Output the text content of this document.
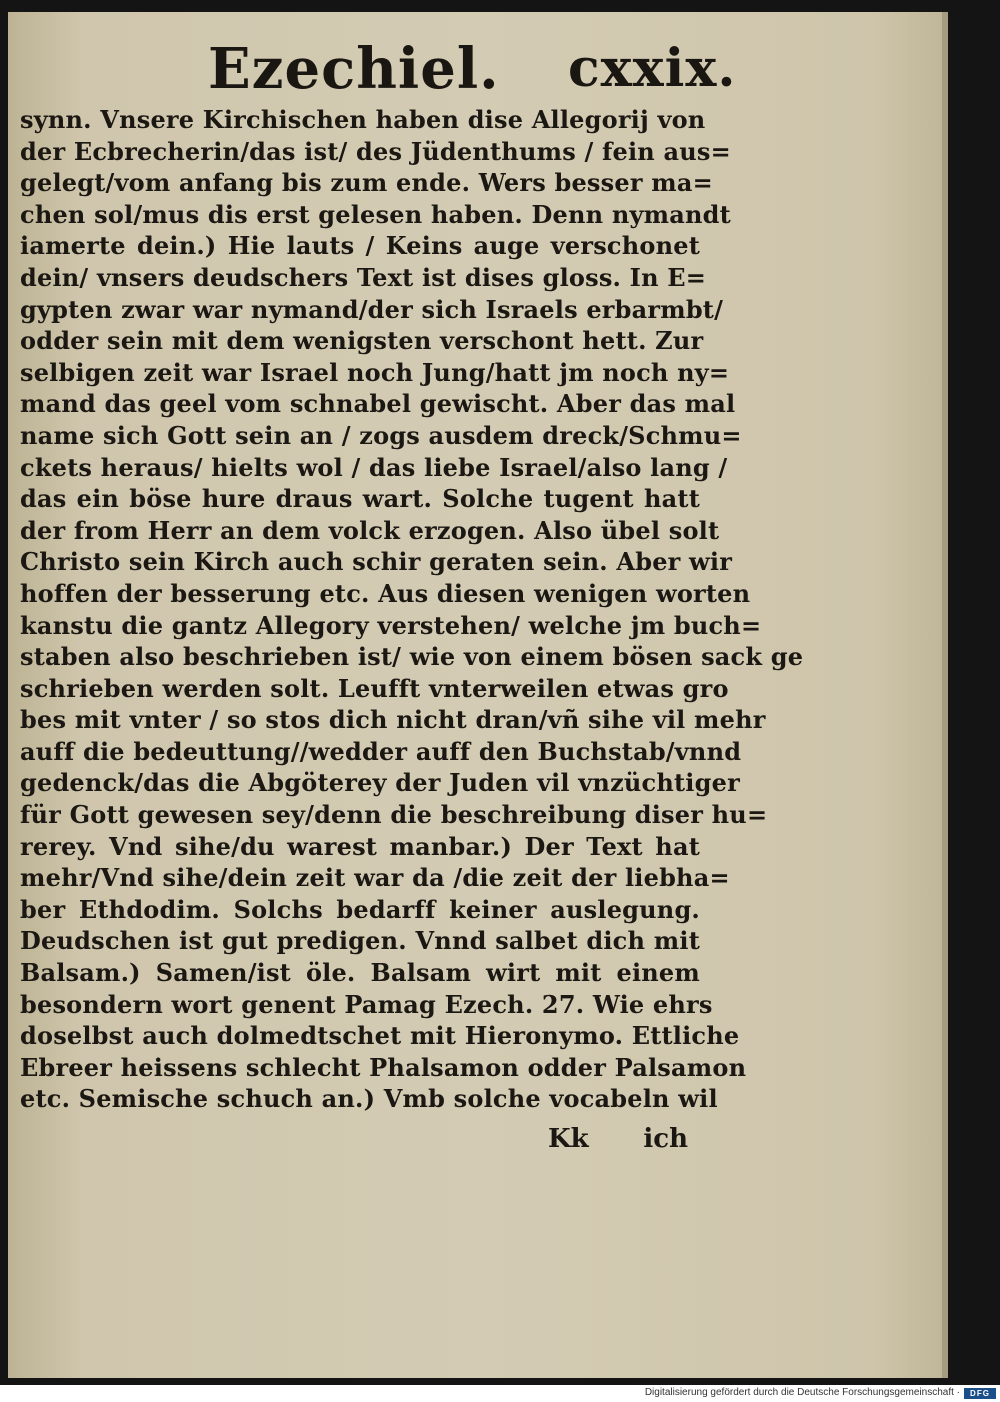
Ezechiel. cxxix.
synn. Vnsere Kirchischen haben dise Allegorij von
der Ecbrecherin/das ist/ des Jüdenthums / fein aus=
gelegt/vom anfang bis zum ende. Wers besser ma=
chen sol/mus dis erst gelesen haben. Denn nymandt
iamerte dein.) Hie lauts / Keins auge verschonet
dein/ vnsers deudschers Text ist dises gloss. In E=
gypten zwar war nymand/der sich Israels erbarmbt/
odder sein mit dem wenigsten verschont hett. Zur
selbigen zeit war Israel noch Jung/hatt jm noch ny=
mand das geel vom schnabel gewischt. Aber das mal
name sich Gott sein an / zogs ausdem dreck/Schmu=
ckets heraus/ hielts wol / das liebe Israel/also lang /
das ein böse hure draus wart. Solche tugent hatt
der from Herr an dem volck erzogen. Also übel solt
Christo sein Kirch auch schir geraten sein. Aber wir
hoffen der besserung etc. Aus diesen wenigen worten
kanstu die gantz Allegory verstehen/ welche jm buch=
staben also beschrieben ist/ wie von einem bösen sack ge
schrieben werden solt. Leufft vnterweilen etwas gro
bes mit vnter / so stos dich nicht dran/vñ sihe vil mehr
auff die bedeuttung//wedder auff den Buchstab/vnnd
gedenck/das die Abgöterey der Juden vil vnzüchtiger
für Gott gewesen sey/denn die beschreibung diser hu=
rerey. Vnd sihe/du warest manbar.) Der Text hat
mehr/Vnd sihe/dein zeit war da /die zeit der liebha=
ber Ethdodim. Solchs bedarff keiner auslegung.
Deudschen ist gut predigen. Vnnd salbet dich mit
Balsam.) Samen/ist öle. Balsam wirt mit einem
besondern wort genent Pamag Ezech. 27. Wie ehrs
doselbst auch dolmedtschet mit Hieronymo. Ettliche
Ebreer heissens schlecht Phalsamon odder Palsamon
etc. Semische schuch an.) Vmb solche vocabeln wil
Kk ich
Digitalisierung gefördert durch die Deutsche Forschungsgemeinschaft ·	DFG
